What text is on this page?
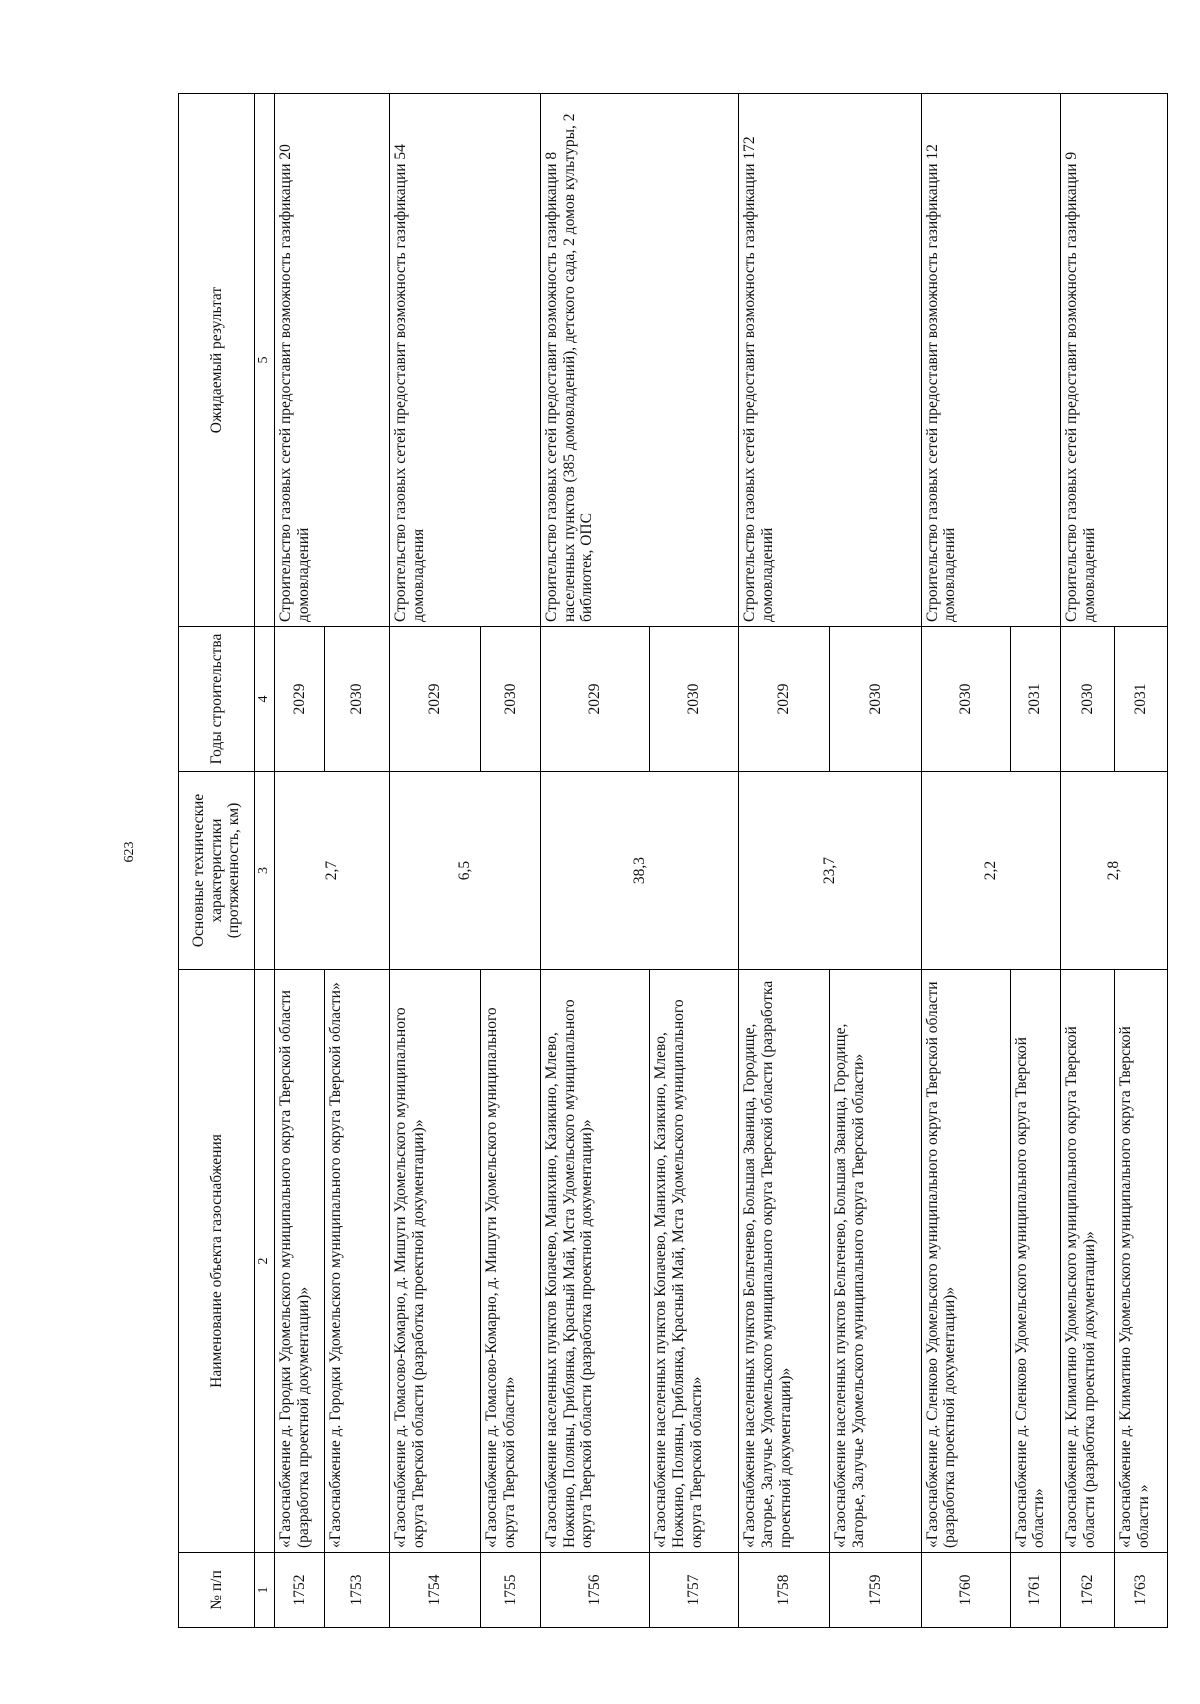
623
№ п/п	Наименование объекта газоснабжения	Основные технические характеристики (протяженность, км)	Годы строительства	Ожидаемый результат
1	2	3	4	5
1752	«Газоснабжение д. Городки Удомельского муниципального округа Тверской области (разработка проектной документации)»	2,7	2029	Строительство газовых сетей предоставит возможность газификации 20 домовладений
1753	«Газоснабжение д. Городки Удомельского муниципального округа Тверской области»		2030	
1754	«Газоснабжение д. Томасово-Комарно, д. Мишуги Удомельского муниципального округа Тверской области (разработка проектной документации)»	6,5	2029	Строительство газовых сетей предоставит возможность газификации 54 домовладения
1755	«Газоснабжение д. Томасово-Комарно, д. Мишуги Удомельского муниципального округа Тверской области»		2030	
1756	«Газоснабжение населенных пунктов Копачево, Манихино, Казикино, Млево, Ножкино, Поляны, Гриблянка, Красный Май, Мста Удомельского муниципального округа Тверской области (разработка проектной документации)»	38,3	2029	Строительство газовых сетей предоставит возможность газификации 8 населенных пунктов (385 домовладений), детского сада, 2 домов культуры, 2 библиотек, ОПС
1757	«Газоснабжение населенных пунктов Копачево, Манихино, Казикино, Млево, Ножкино, Поляны, Гриблянка, Красный Май, Мста Удомельского муниципального округа Тверской области»		2030	
1758	«Газоснабжение населенных пунктов Бельтенево, Большая Званица, Городище, Загорье, Залучье Удомельского муниципального округа Тверской области (разработка проектной документации)»	23,7	2029	Строительство газовых сетей предоставит возможность газификации 172 домовладений
1759	«Газоснабжение населенных пунктов Бельтенево, Большая Званица, Городище, Загорье, Залучье Удомельского муниципального округа Тверской области»		2030	
1760	«Газоснабжение д. Сленково Удомельского муниципального округа Тверской области (разработка проектной документации)»	2,2	2030	Строительство газовых сетей предоставит возможность газификации 12 домовладений
1761	«Газоснабжение д. Сленково Удомельского муниципального округа Тверской области»		2031	
1762	«Газоснабжение д. Климатино Удомельского муниципального округа Тверской области (разработка проектной документации)»	2,8	2030	Строительство газовых сетей предоставит возможность газификации 9 домовладений
1763	«Газоснабжение д. Климатино Удомельского муниципального округа Тверской области »		2031	
